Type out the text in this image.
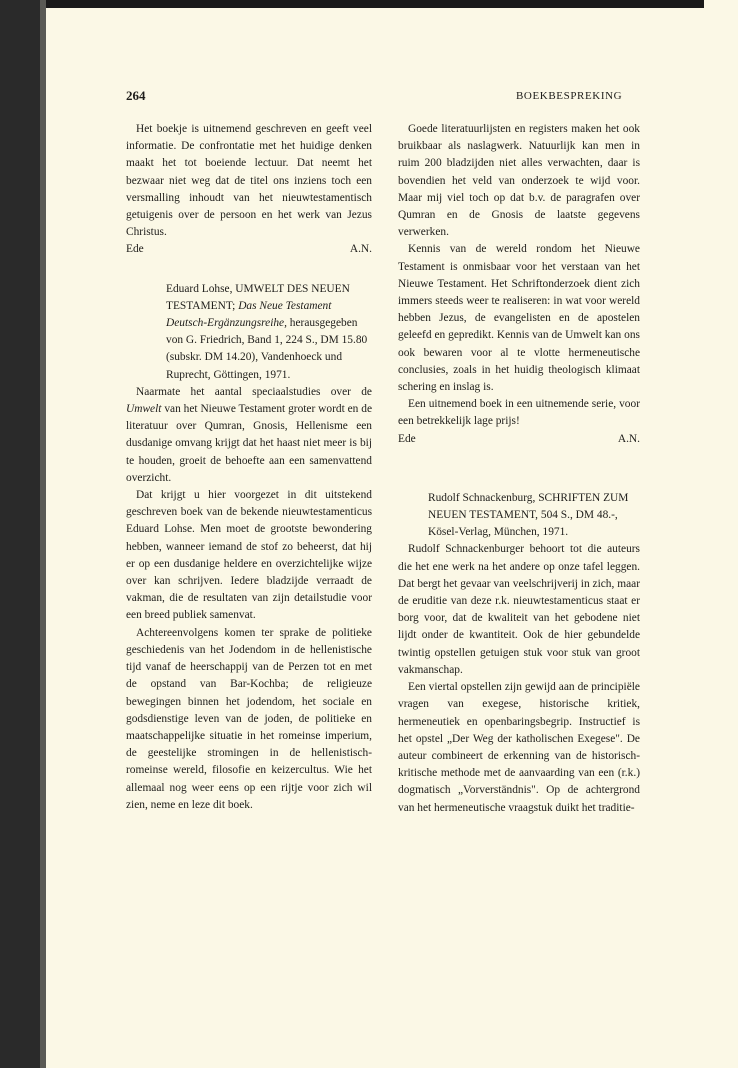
264	BOEKBESPREKING

Het boekje is uitnemend geschreven en geeft veel informatie. De confrontatie met het huidige denken maakt het tot boeiende lectuur. Dat neemt het bezwaar niet weg dat de titel ons inziens toch een versmalling inhoudt van het nieuwtestamentisch getuigenis over de persoon en het werk van Jezus Christus.

Ede	A.N.

Eduard Lohse, UMWELT DES NEUEN TESTAMENT; Das Neue Testament Deutsch-Ergänzungsreihe, herausgegeben von G. Friedrich, Band 1, 224 S., DM 15.80 (subskr. DM 14.20), Vandenhoeck und Ruprecht, Göttingen, 1971.

Naarmate het aantal speciaalstudies over de Umwelt van het Nieuwe Testament groter wordt en de literatuur over Qumran, Gnosis, Hellenisme een dusdanige omvang krijgt dat het haast niet meer is bij te houden, groeit de behoefte aan een samenvattend overzicht.

Dat krijgt u hier voorgezet in dit uitstekend geschreven boek van de bekende nieuwtestamenticus Eduard Lohse. Men moet de grootste bewondering hebben, wanneer iemand de stof zo beheerst, dat hij er op een dusdanige heldere en overzichtelijke wijze over kan schrijven. Iedere bladzijde verraadt de vakman, die de resultaten van zijn detailstudie voor een breed publiek samenvat.

Achtereenvolgens komen ter sprake de politieke geschiedenis van het Jodendom in de hellenistische tijd vanaf de heerschappij van de Perzen tot en met de opstand van Bar-Kochba; de religieuze bewegingen binnen het jodendom, het sociale en godsdienstige leven van de joden, de politieke en maatschappelijke situatie in het romeinse imperium, de geestelijke stromingen in de hellenistisch-romeinse wereld, filosofie en keizercultus. Wie het allemaal nog weer eens op een rijtje voor zich wil zien, neme en leze dit boek.

Goede literatuurlijsten en registers maken het ook bruikbaar als naslagwerk. Natuurlijk kan men in ruim 200 bladzijden niet alles verwachten, daar is bovendien het veld van onderzoek te wijd voor. Maar mij viel toch op dat b.v. de paragrafen over Qumran en de Gnosis de laatste gegevens verwerken.

Kennis van de wereld rondom het Nieuwe Testament is onmisbaar voor het verstaan van het Nieuwe Testament. Het Schriftonderzoek dient zich immers steeds weer te realiseren: in wat voor wereld hebben Jezus, de evangelisten en de apostelen geleefd en gepredikt. Kennis van de Umwelt kan ons ook bewaren voor al te vlotte hermeneutische conclusies, zoals in het huidig theologisch klimaat schering en inslag is.

Een uitnemend boek in een uitnemende serie, voor een betrekkelijk lage prijs!

Ede	A.N.

Rudolf Schnackenburg, SCHRIFTEN ZUM NEUEN TESTAMENT, 504 S., DM 48.-, Kösel-Verlag, München, 1971.

Rudolf Schnackenburger behoort tot die auteurs die het ene werk na het andere op onze tafel leggen. Dat bergt het gevaar van veelschrijverij in zich, maar de eruditie van deze r.k. nieuwtestamenticus staat er borg voor, dat de kwaliteit van het gebodene niet lijdt onder de kwantiteit. Ook de hier gebundelde twintig opstellen getuigen stuk voor stuk van groot vakmanschap.

Een viertal opstellen zijn gewijd aan de principiële vragen van exegese, historische kritiek, hermeneutiek en openbaringsbegrip. Instructief is het opstel „Der Weg der katholischen Exegese". De auteur combineert de erkenning van de historisch-kritische methode met de aanvaarding van een (r.k.) dogmatisch „Vorverständnis". Op de achtergrond van het hermeneutische vraagstuk duikt het traditie-
